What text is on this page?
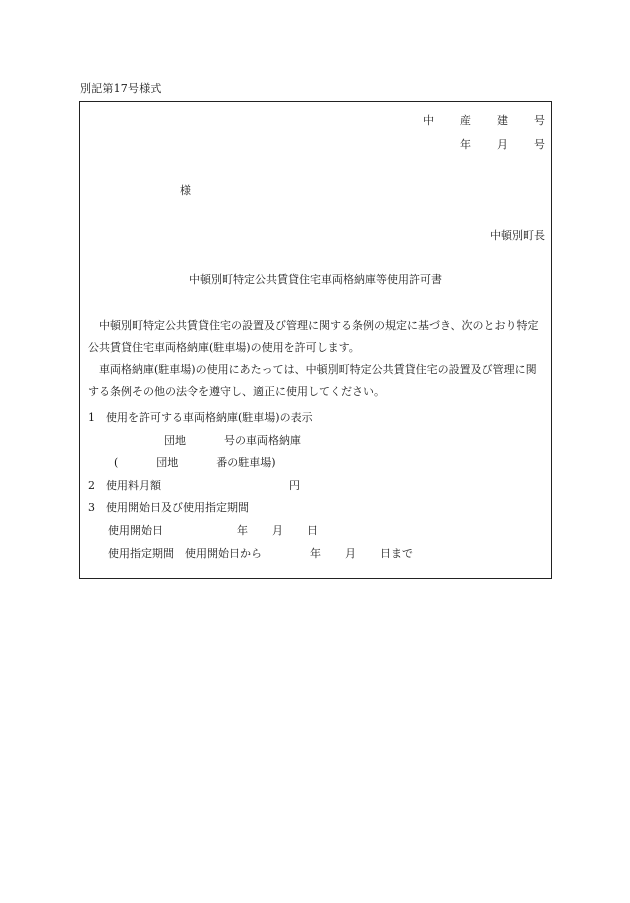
別記第17号様式
中 産 建 号
年 月 号
様
中頓別町長
中頓別町特定公共賃貸住宅車両格納庫等使用許可書
中頓別町特定公共賃貸住宅の設置及び管理に関する条例の規定に基づき、次のとおり特定公共賃貸住宅車両格納庫(駐車場)の使用を許可します。
車両格納庫(駐車場)の使用にあたっては、中頓別町特定公共賃貸住宅の設置及び管理に関する条例その他の法令を遵守し、適正に使用してください。
1　使用を許可する車両格納庫(駐車場)の表示
団地	号の車両格納庫
(	団地	番の駐車場)
2　使用料月額	円
3　使用開始日及び使用指定期間
使用開始日	年 月 日
使用指定期間　使用開始日から	年 月 日まで
